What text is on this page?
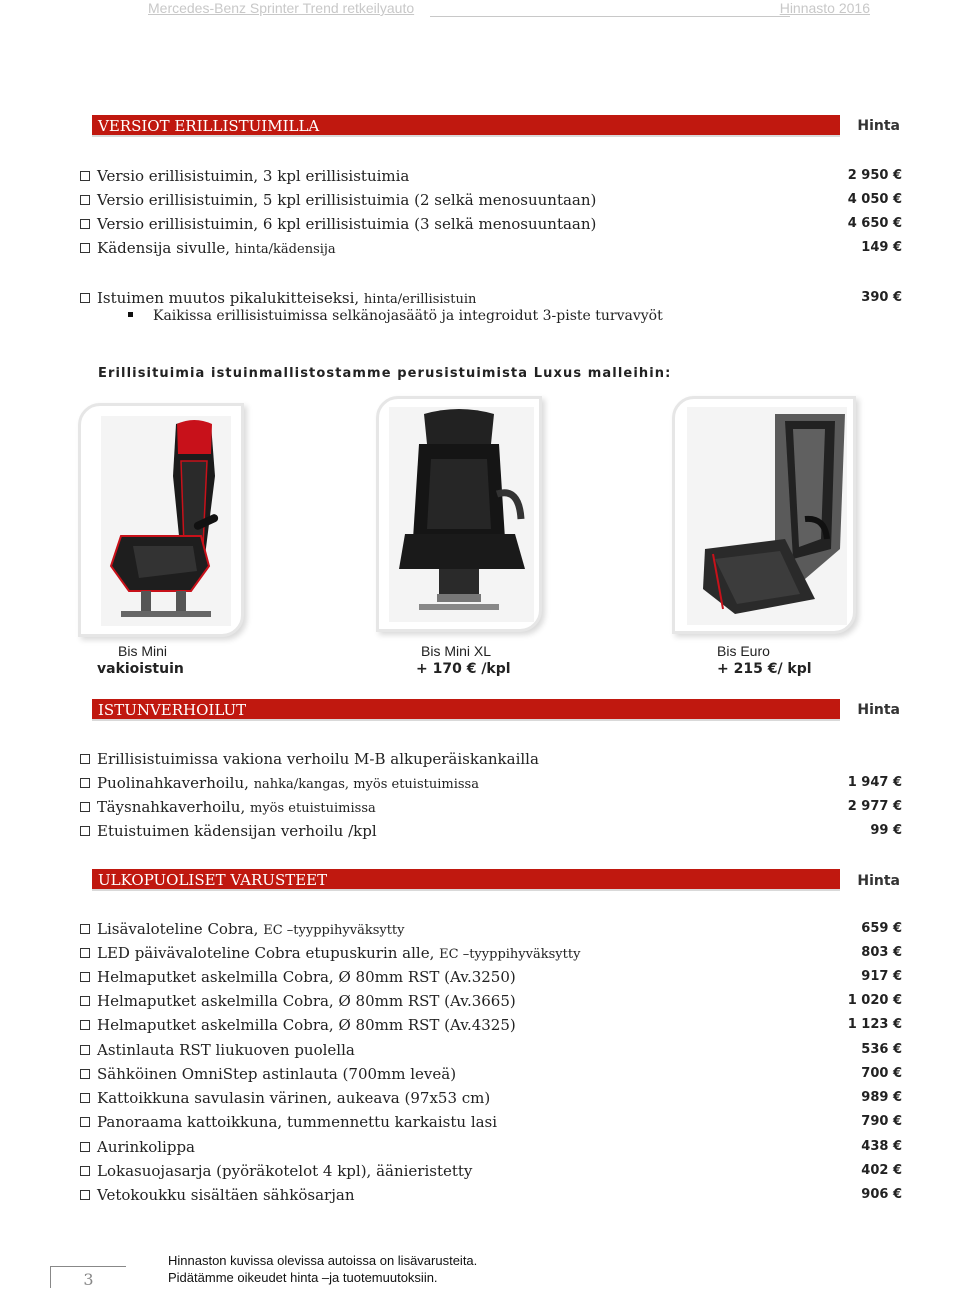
Mercedes-Benz Sprinter Trend retkeilyauto	Hinnasto 2016
VERSIOT ERILLISTUIMILLA	Hinta
Versio erillisistuimin, 3 kpl erillisistuimia	2 950 €
Versio erillisistuimin, 5 kpl erillisistuimia (2 selkä menosuuntaan)	4 050 €
Versio erillisistuimin, 6 kpl erillisistuimia (3 selkä menosuuntaan)	4 650 €
Kädensija sivulle, hinta/kädensija	149 €
Istuimen muutos pikalukitteiseksi, hinta/erillisistuin	390 €
Kaikissa erillisistuimissa selkänojasäätö ja integroidut 3-piste turvavyöt
Erillisituimia istuinmallistostamme perusistuimista Luxus malleihin:
Bis Mini
vakioistuin
Bis Mini XL
+ 170 € /kpl
Bis Euro
+ 215 €/ kpl
ISTUNVERHOILUT	Hinta
Erillisistuimissa vakiona verhoilu M-B alkuperäiskankailla
Puolinahkaverhoilu, nahka/kangas, myös etuistuimissa	1 947 €
Täysnahkaverhoilu, myös etuistuimissa	2 977 €
Etuistuimen kädensijan verhoilu /kpl	99 €
ULKOPUOLISET VARUSTEET	Hinta
Lisävaloteline Cobra, EC –tyyppihyväksytty	659 €
LED päivävaloteline Cobra etupuskurin alle, EC –tyyppihyväksytty	803 €
Helmaputket askelmilla Cobra, Ø 80mm RST (Av.3250)	917 €
Helmaputket askelmilla Cobra, Ø 80mm RST (Av.3665)	1 020 €
Helmaputket askelmilla Cobra, Ø 80mm RST (Av.4325)	1 123 €
Astinlauta RST liukuoven puolella	536 €
Sähköinen OmniStep astinlauta (700mm leveä)	700 €
Kattoikkuna savulasin värinen, aukeava (97x53 cm)	989 €
Panoraama kattoikkuna, tummennettu karkaistu lasi	790 €
Aurinkolippa	438 €
Lokasuojasarja (pyöräkotelot 4 kpl), äänieristetty	402 €
Vetokoukku sisältäen sähkösarjan	906 €
3
Hinnaston kuvissa olevissa autoissa on lisävarusteita.
Pidätämme oikeudet hinta –ja tuotemuutoksiin.
